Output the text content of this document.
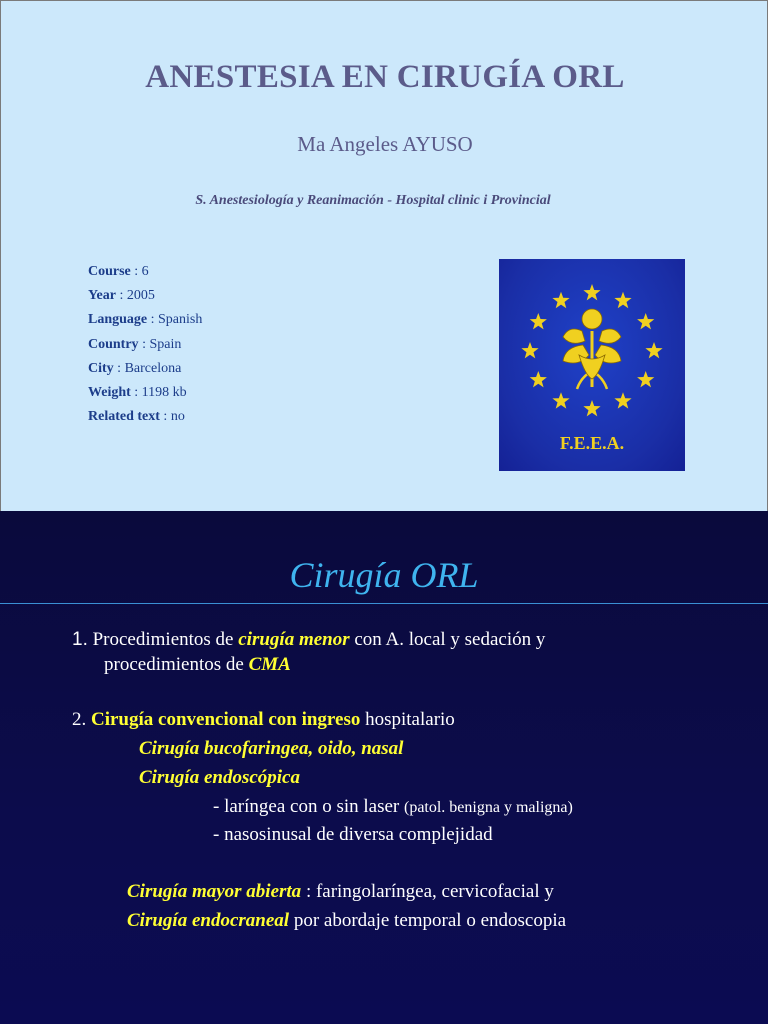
ANESTESIA EN CIRUGÍA ORL
Ma Angeles AYUSO
S. Anestesiología y Reanimación - Hospital clinic i Provincial
Course : 6
Year : 2005
Language : Spanish
Country : Spain
City : Barcelona
Weight : 1198 kb
Related text : no
F.E.E.A.
Cirugía ORL
1. Procedimientos de cirugía menor con A. local y sedación y
procedimientos de CMA
2. Cirugía convencional con ingreso hospitalario
Cirugía bucofaringea, oido, nasal
Cirugía endoscópica
- laríngea con o sin laser (patol. benigna y maligna)
- nasosinusal de diversa complejidad
Cirugía mayor abierta : faringolaríngea, cervicofacial y
Cirugía endocraneal por abordaje temporal o endoscopia
